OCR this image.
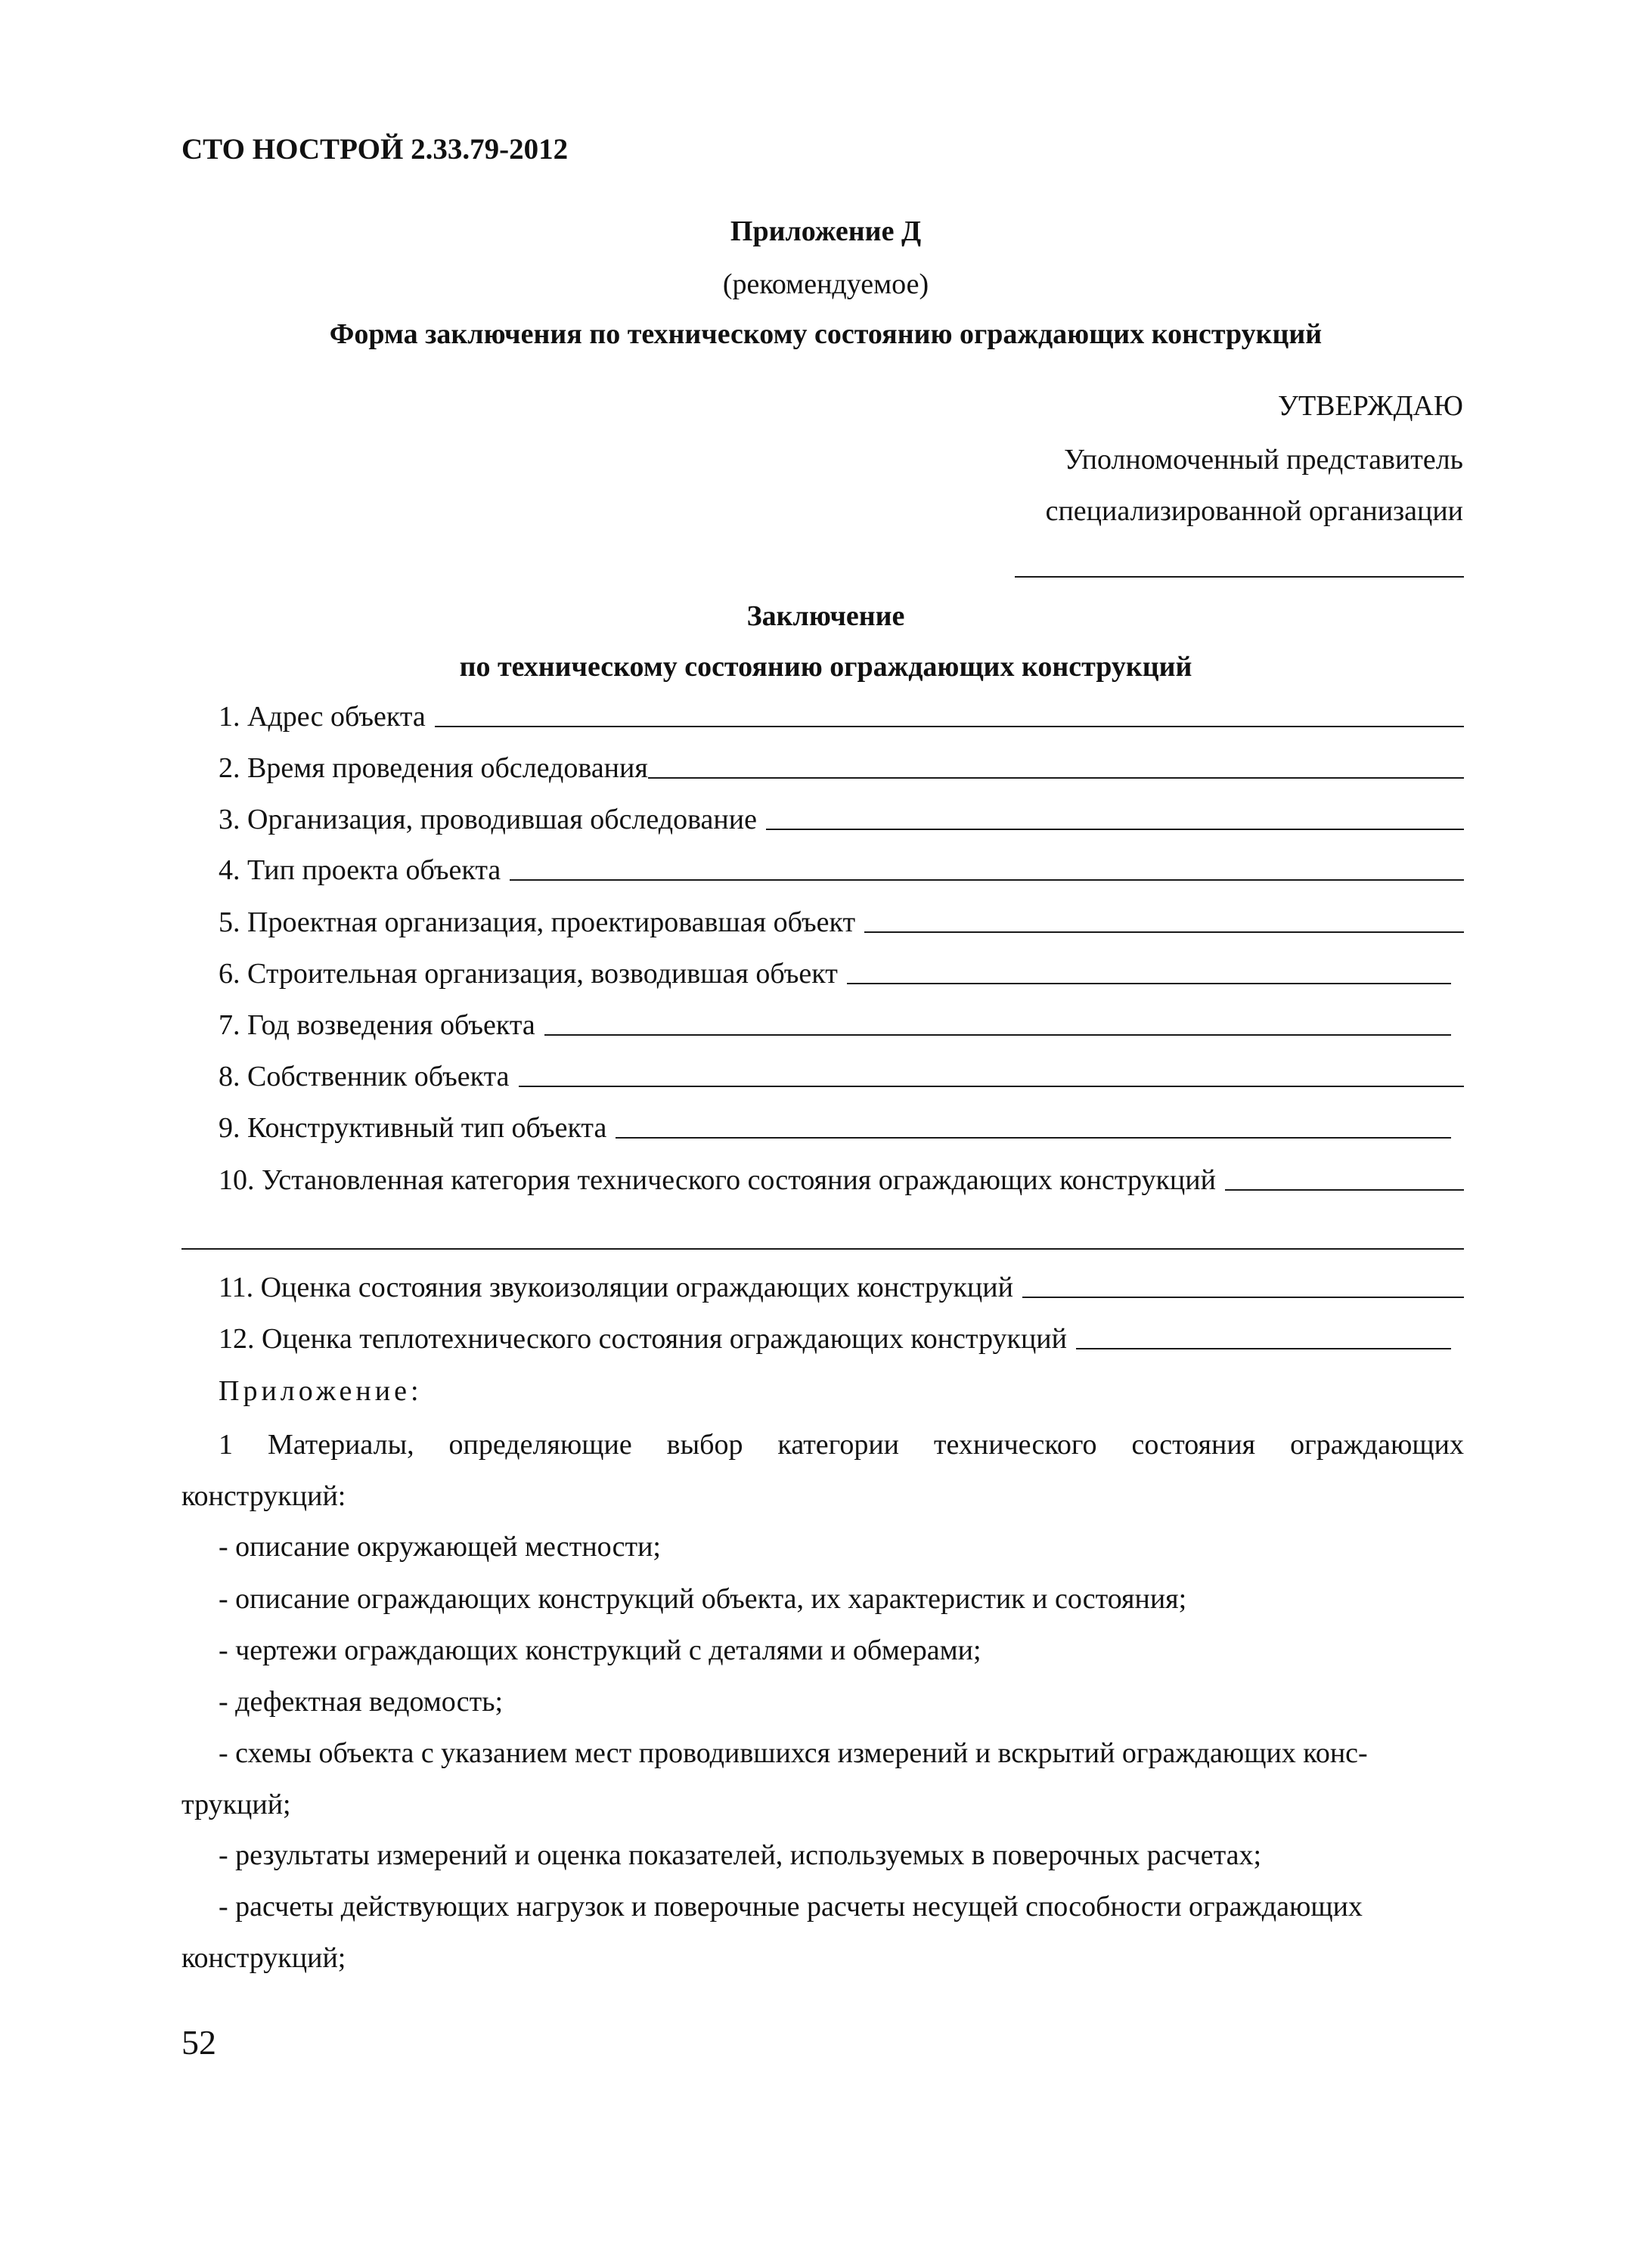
СТО НОСТРОЙ 2.33.79-2012
Приложение Д
(рекомендуемое)
Форма заключения по техническому состоянию ограждающих конструкций
УТВЕРЖДАЮ
Уполномоченный представитель
специализированной организации
Заключение
по техническому состоянию ограждающих конструкций
1. Адрес объекта
2. Время проведения обследования
3. Организация, проводившая обследование
4. Тип проекта объекта
5. Проектная организация, проектировавшая объект
6. Строительная организация, возводившая объект
7. Год возведения объекта
8. Собственник объекта
9. Конструктивный тип объекта
10. Установленная категория технического состояния ограждающих конструкций
11. Оценка состояния звукоизоляции ограждающих конструкций
12. Оценка теплотехнического состояния ограждающих конструкций
Приложение:
1 Материалы, определяющие выбор категории технического состояния ограждающих
конструкций:
- описание окружающей местности;
- описание ограждающих конструкций объекта, их характеристик и состояния;
- чертежи ограждающих конструкций с деталями и обмерами;
- дефектная ведомость;
- схемы объекта с указанием мест проводившихся измерений и вскрытий ограждающих конс-
трукций;
- результаты измерений и оценка показателей, используемых в поверочных расчетах;
- расчеты действующих нагрузок и поверочные расчеты несущей способности ограждающих
конструкций;
52
